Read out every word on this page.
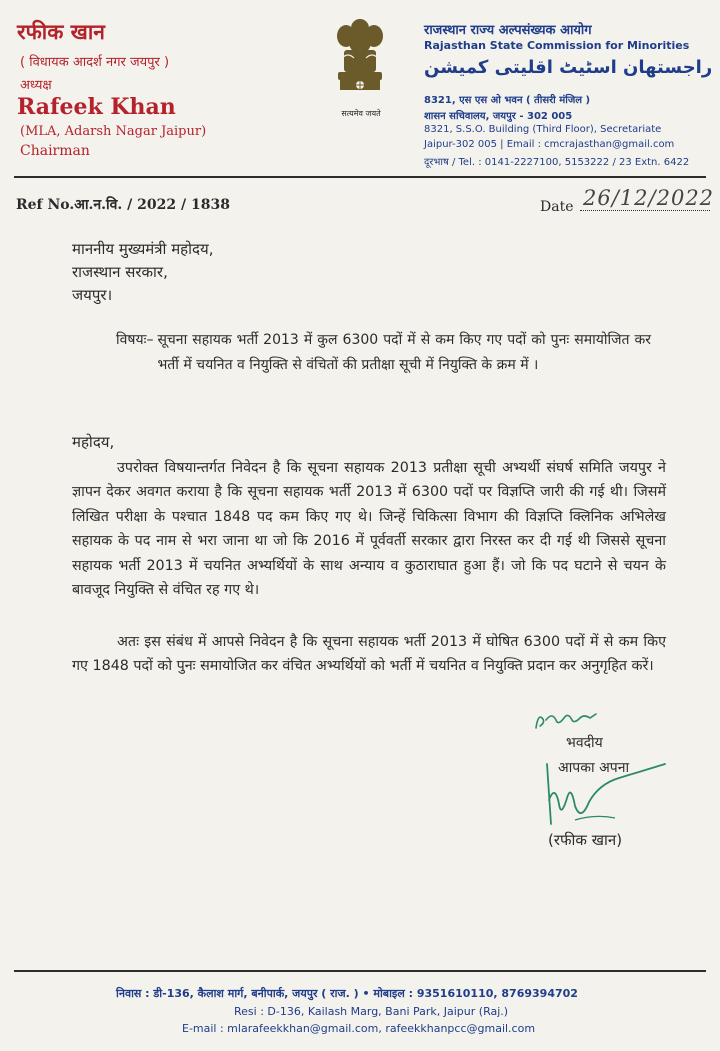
रफीक खान
( विधायक आदर्श नगर जयपुर )
अध्यक्ष
Rafeek Khan
(MLA, Adarsh Nagar Jaipur)
Chairman
सत्यमेव जयते
राजस्थान राज्य अल्पसंख्यक आयोग
Rajasthan State Commission for Minorities
راجستھان اسٹیٹ اقلیتی کمیشن
8321, एस एस ओ भवन ( तीसरी मंजिल )
शासन सचिवालय, जयपुर - 302 005
8321, S.S.O. Building (Third Floor), Secretariate
Jaipur-302 005 | Email : cmcrajasthan@gmail.com
दूरभाष / Tel. : 0141-2227100, 5153222 / 23 Extn. 6422
Ref No.आ.न.वि. / 2022 / 1838	Date 26/12/2022
माननीय मुख्यमंत्री महोदय,
राजस्थान सरकार,
जयपुर।
विषयः– सूचना सहायक भर्ती 2013 में कुल 6300 पदों में से कम किए गए पदों को पुनः समायोजित कर भर्ती में चयनित व नियुक्ति से वंचितों की प्रतीक्षा सूची में नियुक्ति के क्रम में ।
महोदय,
उपरोक्त विषयान्तर्गत निवेदन है कि सूचना सहायक 2013 प्रतीक्षा सूची अभ्यर्थी संघर्ष समिति जयपुर ने ज्ञापन देकर अवगत कराया है कि सूचना सहायक भर्ती 2013 में 6300 पदों पर विज्ञप्ति जारी की गई थी। जिसमें लिखित परीक्षा के पश्चात 1848 पद कम किए गए थे। जिन्हें चिकित्सा विभाग की विज्ञप्ति क्लिनिक अभिलेख सहायक के पद नाम से भरा जाना था जो कि 2016 में पूर्ववर्ती सरकार द्वारा निरस्त कर दी गई थी जिससे सूचना सहायक भर्ती 2013 में चयनित अभ्यर्थियों के साथ अन्याय व कुठाराघात हुआ हैं। जो कि पद घटाने से चयन के बावजूद नियुक्ति से वंचित रह गए थे।
अतः इस संबंध में आपसे निवेदन है कि सूचना सहायक भर्ती 2013 में घोषित 6300 पदों में से कम किए गए 1848 पदों को पुनः समायोजित कर वंचित अभ्यर्थियों को भर्ती में चयनित व नियुक्ति प्रदान कर अनुगृहित करें।
भवदीय
आपका अपना
(रफीक खान)
निवास : डी-136, कैलाश मार्ग, बनीपार्क, जयपुर ( राज. ) • मोबाइल : 9351610110, 8769394702
Resi : D-136, Kailash Marg, Bani Park, Jaipur (Raj.)
E-mail : mlarafeekkhan@gmail.com, rafeekkhanpcc@gmail.com
